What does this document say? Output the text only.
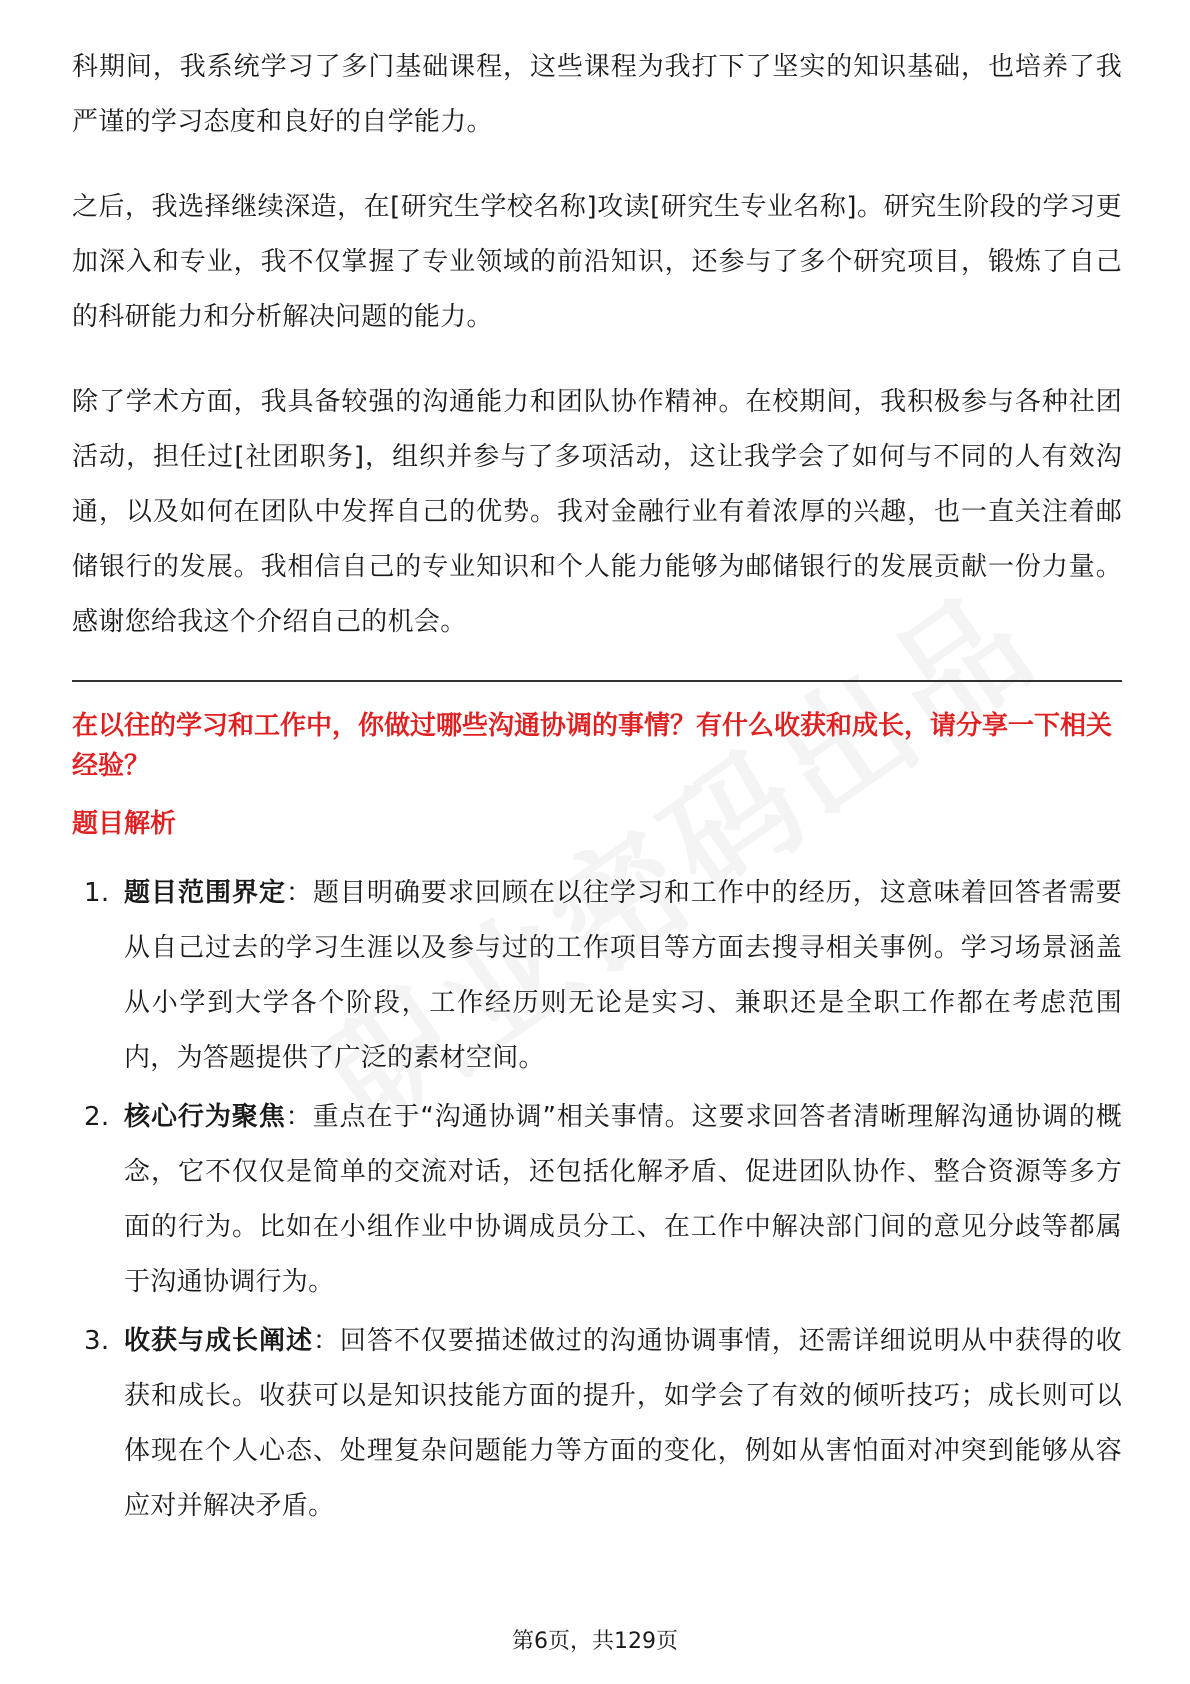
科期间，我系统学习了多门基础课程，这些课程为我打下了坚实的知识基础，也培养了我严谨的学习态度和良好的自学能力。

之后，我选择继续深造，在[研究生学校名称]攻读[研究生专业名称]。研究生阶段的学习更加深入和专业，我不仅掌握了专业领域的前沿知识，还参与了多个研究项目，锻炼了自己的科研能力和分析解决问题的能力。

除了学术方面，我具备较强的沟通能力和团队协作精神。在校期间，我积极参与各种社团活动，担任过[社团职务]，组织并参与了多项活动，这让我学会了如何与不同的人有效沟通，以及如何在团队中发挥自己的优势。我对金融行业有着浓厚的兴趣，也一直关注着邮储银行的发展。我相信自己的专业知识和个人能力能够为邮储银行的发展贡献一份力量。感谢您给我这个介绍自己的机会。

在以往的学习和工作中，你做过哪些沟通协调的事情？有什么收获和成长，请分享一下相关经验？
题目解析
1. 题目范围界定：题目明确要求回顾在以往学习和工作中的经历，这意味着回答者需要从自己过去的学习生涯以及参与过的工作项目等方面去搜寻相关事例。学习场景涵盖从小学到大学各个阶段，工作经历则无论是实习、兼职还是全职工作都在考虑范围内，为答题提供了广泛的素材空间。
2. 核心行为聚焦：重点在于“沟通协调”相关事情。这要求回答者清晰理解沟通协调的概念，它不仅仅是简单的交流对话，还包括化解矛盾、促进团队协作、整合资源等多方面的行为。比如在小组作业中协调成员分工、在工作中解决部门间的意见分歧等都属于沟通协调行为。
3. 收获与成长阐述：回答不仅要描述做过的沟通协调事情，还需详细说明从中获得的收获和成长。收获可以是知识技能方面的提升，如学会了有效的倾听技巧；成长则可以体现在个人心态、处理复杂问题能力等方面的变化，例如从害怕面对冲突到能够从容应对并解决矛盾。
第6页，共129页
